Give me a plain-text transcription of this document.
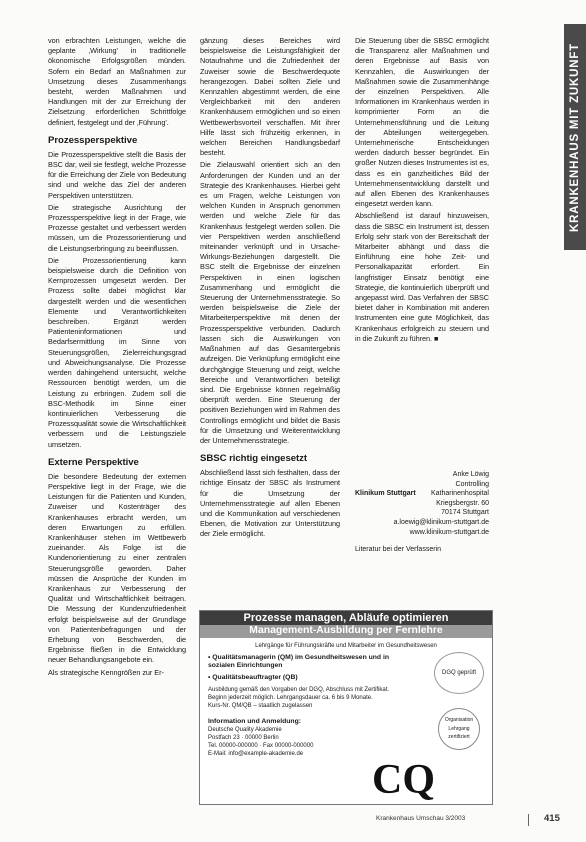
KRANKENHAUS MIT ZUKUNFT

von erbrachten Leistungen, welche die geplante ‚Wirkung' in traditionelle ökonomische Erfolgsgrößen münden. Sofern ein Bedarf an Maßnahmen zur Umsetzung dieses Zusammenhangs besteht, werden Maßnahmen und Handlungen mit der zur Erreichung der Zielsetzung erforderlichen Schrittfolge definiert, festgelegt und der ‚Führung'.

Prozessperspektive

Die Prozessperspektive stellt die Basis der BSC dar, weil sie festlegt, welche Prozesse für die Erreichung der Ziele von Bedeutung sind und welche das Ziel der anderen Perspektiven unterstützen.

Die strategische Ausrichtung der Prozessperspektive liegt in der Frage, wie Prozesse gestaltet und verbessert werden müssen, um die Prozessorientierung und die Leistungserbringung zu beeinflussen.

Die Prozessorientierung kann beispielsweise durch die Definition von Kernprozessen umgesetzt werden. Der Prozess sollte dabei möglichst klar dargestellt werden und die wesentlichen Elemente und Verantwortlichkeiten beschreiben. Ergänzt werden Patienteninformationen und Bedarfsermittlung im Sinne von Steuerungsgrößen, Zielerreichungsgrad und Abweichungsanalyse. Die Prozesse werden dahingehend untersucht, welche Ressourcen benötigt werden, um die Leistung zu erbringen. Zudem soll die BSC-Methodik im Sinne einer kontinuierlichen Verbesserung die Prozessqualität sowie die Wirtschaftlichkeit verbessern und die Leistungsziele umsetzen.

Externe Perspektive

Die besondere Bedeutung der externen Perspektive liegt in der Frage, wie die Leistungen für die Patienten und Kunden, Zuweiser und Kostenträger des Krankenhauses erbracht werden, um deren Erwartungen zu erfüllen. Krankenhäuser stehen im Wettbewerb zueinander. Als Folge ist die Kundenorientierung zu einer zentralen Steuerungsgröße geworden. Daher müssen die Ansprüche der Kunden im Krankenhaus zur Verbesserung der Qualität und Wirtschaftlichkeit beitragen. Die Messung der Kundenzufriedenheit erfolgt beispielsweise auf der Grundlage von Patientenbefragungen und der Erhebung von Beschwerden, die Ergebnisse fließen in die Entwicklung neuer Behandlungsangebote ein.

Als strategische Kenngrößen zur Er-

gänzung dieses Bereiches wird beispielsweise die Leistungsfähigkeit der Notaufnahme und die Zufriedenheit der Zuweiser sowie die Beschwerdequote herangezogen. Dabei sollten Ziele und Kennzahlen abgestimmt werden, die eine Vergleichbarkeit mit den anderen Krankenhäusern ermöglichen und so einen Wettbewerbsvorteil verschaffen. Mit ihrer Hilfe lässt sich frühzeitig erkennen, in welchen Bereichen Handlungsbedarf besteht.

Die Zielauswahl orientiert sich an den Anforderungen der Kunden und an der Strategie des Krankenhauses. Hierbei geht es um Fragen, welche Leistungen von welchen Kunden in Anspruch genommen werden und welche Ziele für das Krankenhaus festgelegt werden sollen. Die vier Perspektiven werden anschließend miteinander verknüpft und in Ursache-Wirkungs-Beziehungen dargestellt. Die BSC stellt die Ergebnisse der einzelnen Perspektiven in einen logischen Zusammenhang und ermöglicht die Steuerung der Unternehmensstrategie. So werden beispielsweise die Ziele der Mitarbeiterperspektive mit denen der Prozessperspektive verbunden. Dadurch lassen sich die Auswirkungen von Maßnahmen auf das Gesamtergebnis aufzeigen. Die Verknüpfung ermöglicht eine durchgängige Steuerung und zeigt, welche Bereiche und Verantwortlichen beteiligt sind. Die Ergebnisse können regelmäßig überprüft werden. Eine Steuerung der positiven Beziehungen wird im Rahmen des Controllings ermöglicht und bildet die Basis für die Umsetzung und Weiterentwicklung der Unternehmensstrategie.

SBSC richtig eingesetzt

Abschließend lässt sich festhalten, dass der richtige Einsatz der SBSC als Instrument für die Umsetzung der Unternehmensstrategie auf allen Ebenen und die Kommunikation auf verschiedenen Ebenen, die Motivation zur Unterstützung der Ziele ermöglicht.

Die Steuerung über die SBSC ermöglicht die Transparenz aller Maßnahmen und deren Ergebnisse auf Basis von Kennzahlen, die Auswirkungen der Maßnahmen sowie die Zusammenhänge der einzelnen Perspektiven. Alle Informationen im Krankenhaus werden in komprimierter Form an die Unternehmensführung und die Leitung der Abteilungen weitergegeben. Unternehmerische Entscheidungen werden dadurch besser begründet. Ein großer Nutzen dieses Instrumentes ist es, dass es ein ganzheitliches Bild der Unternehmensentwicklung darstellt und auf allen Ebenen des Krankenhauses eingesetzt werden kann.

Abschließend ist darauf hinzuweisen, dass die SBSC ein Instrument ist, dessen Erfolg sehr stark von der Bereitschaft der Mitarbeiter abhängt und dass die Einführung eine hohe Zeit- und Personalkapazität erfordert. Ein langfristiger Einsatz benötigt eine Strategie, die kontinuierlich überprüft und angepasst wird. Das Verfahren der SBSC bietet daher in Kombination mit anderen Instrumenten eine gute Möglichkeit, das Krankenhaus erfolgreich zu steuern und in die Zukunft zu führen. ■

Anke Löwig
Controlling
Klinikum Stuttgart Katharinenhospital
Kriegsbergstr. 60
70174 Stuttgart
a.loewig@klinikum-stuttgart.de
www.klinikum-stuttgart.de
Literatur bei der Verfasserin
Prozesse managen, Abläufe optimieren
Management-Ausbildung per Fernlehre
Lehrgänge für Führungskräfte und Mitarbeiter im Gesundheitswesen
• Qualitätsmanagerin (QM) im Gesundheitswesen und in sozialen Einrichtungen
• Qualitätsbeauftragter (QB)
Ausbildung gemäß den Vorgaben der DGQ, Abschluss mit Zertifikat. Beginn jederzeit möglich. Lehrgangsdauer ca. 6 bis 9 Monate.
Kurs-Nr. QM/QB – staatlich zugelassen
Information und Anmeldung:
Deutsche Quality Akademie
Postfach 23 · 00000 Berlin
Tel. 00000-000000 · Fax 00000-000000
E-Mail: info@example-akademie.de
DGQ geprüft
Organisation Lehrgang zertifiziert
CQ
Krankenhaus Umschau 3/2003	415
